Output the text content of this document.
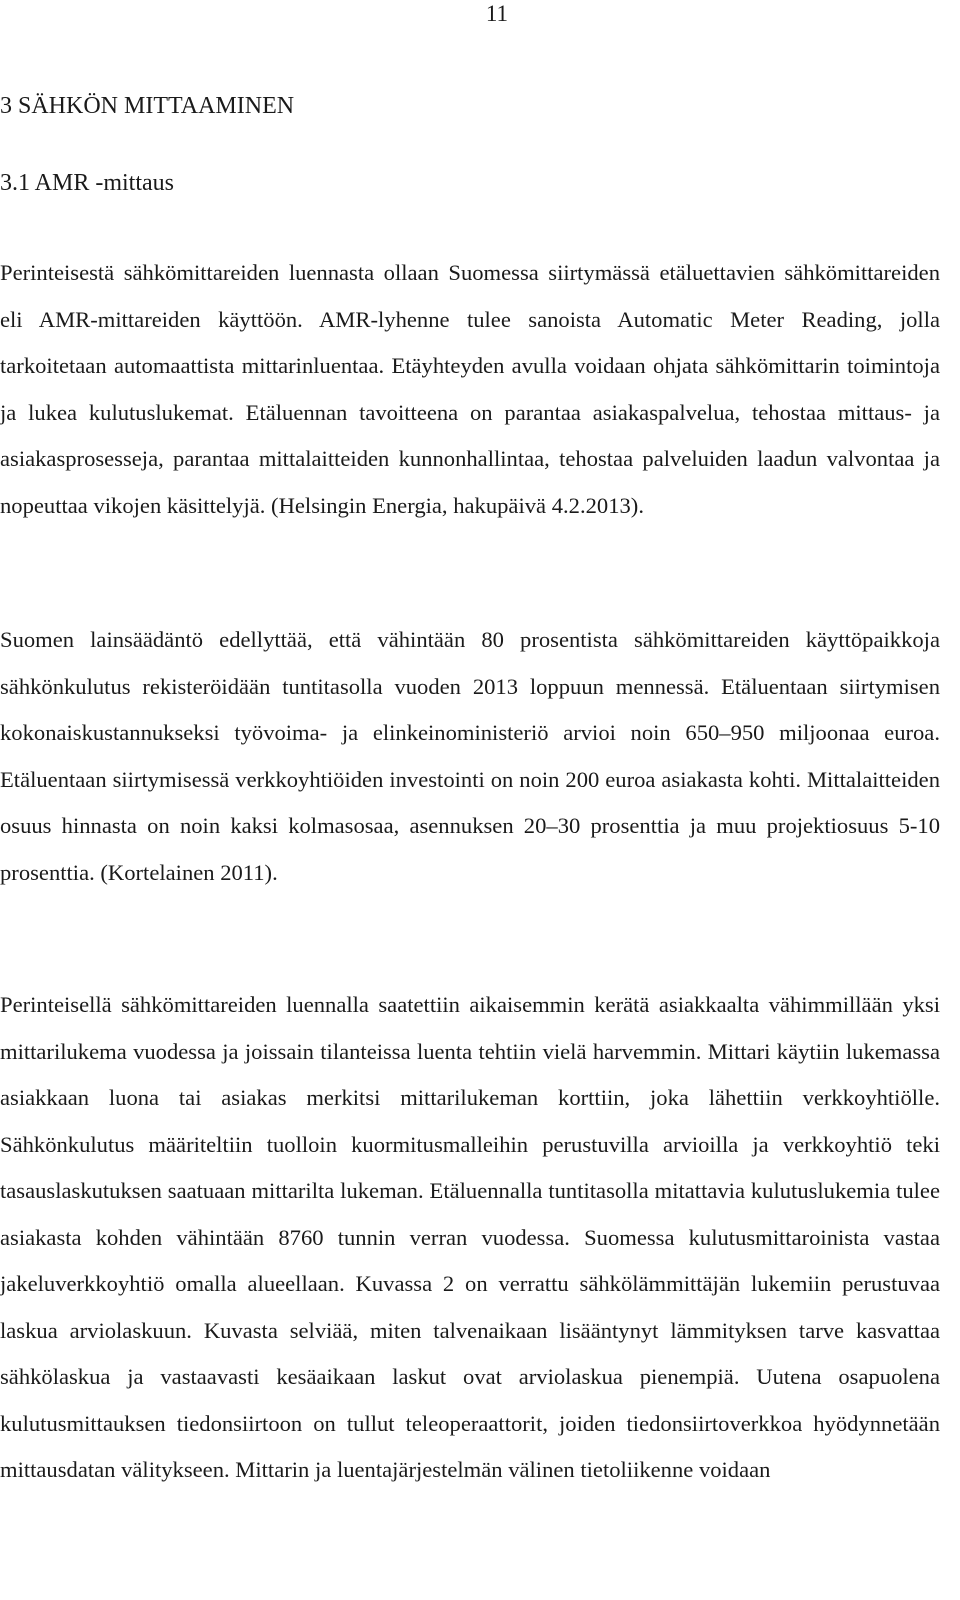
11
3 SÄHKÖN MITTAAMINEN
3.1 AMR -mittaus

Perinteisestä sähkömittareiden luennasta ollaan Suomessa siirtymässä etäluettavien sähkömittareiden eli AMR-mittareiden käyttöön. AMR-lyhenne tulee sanoista Automatic Meter Reading, jolla tarkoitetaan automaattista mittarinluentaa. Etäyhteyden avulla voidaan ohjata sähkömittarin toimintoja ja lukea kulutuslukemat. Etäluennan tavoitteena on parantaa asiakaspalvelua, tehostaa mittaus- ja asiakasprosesseja, parantaa mittalaitteiden kunnonhallintaa, tehostaa palveluiden laadun valvontaa ja nopeuttaa vikojen käsittelyjä. (Helsingin Energia, hakupäivä 4.2.2013).

Suomen lainsäädäntö edellyttää, että vähintään 80 prosentista sähkömittareiden käyttöpaikkoja sähkönkulutus rekisteröidään tuntitasolla vuoden 2013 loppuun mennessä. Etäluentaan siirtymisen kokonaiskustannukseksi työvoima- ja elinkeinoministeriö arvioi noin 650–950 miljoonaa euroa. Etäluentaan siirtymisessä verkkoyhtiöiden investointi on noin 200 euroa asiakasta kohti. Mittalaitteiden osuus hinnasta on noin kaksi kolmasosaa, asennuksen 20–30 prosenttia ja muu projektiosuus 5-10 prosenttia. (Kortelainen 2011).

Perinteisellä sähkömittareiden luennalla saatettiin aikaisemmin kerätä asiakkaalta vähimmillään yksi mittarilukema vuodessa ja joissain tilanteissa luenta tehtiin vielä harvemmin. Mittari käytiin lukemassa asiakkaan luona tai asiakas merkitsi mittarilukeman korttiin, joka lähettiin verkkoyhtiölle. Sähkönkulutus määriteltiin tuolloin kuormitusmalleihin perustuvilla arvioilla ja verkkoyhtiö teki tasauslaskutuksen saatuaan mittarilta lukeman. Etäluennalla tuntitasolla mitattavia kulutuslukemia tulee asiakasta kohden vähintään 8760 tunnin verran vuodessa. Suomessa kulutusmittaroinista vastaa jakeluverkkoyhtiö omalla alueellaan. Kuvassa 2 on verrattu sähkölämmittäjän lukemiin perustuvaa laskua arviolaskuun. Kuvasta selviää, miten talvenaikaan lisääntynyt lämmityksen tarve kasvattaa sähkölaskua ja vastaavasti kesäaikaan laskut ovat arviolaskua pienempiä. Uutena osapuolena kulutusmittauksen tiedonsiirtoon on tullut teleoperaattorit, joiden tiedonsiirtoverkkoa hyödynnetään mittausdatan välitykseen. Mittarin ja luentajärjestelmän välinen tietoliikenne voidaan
